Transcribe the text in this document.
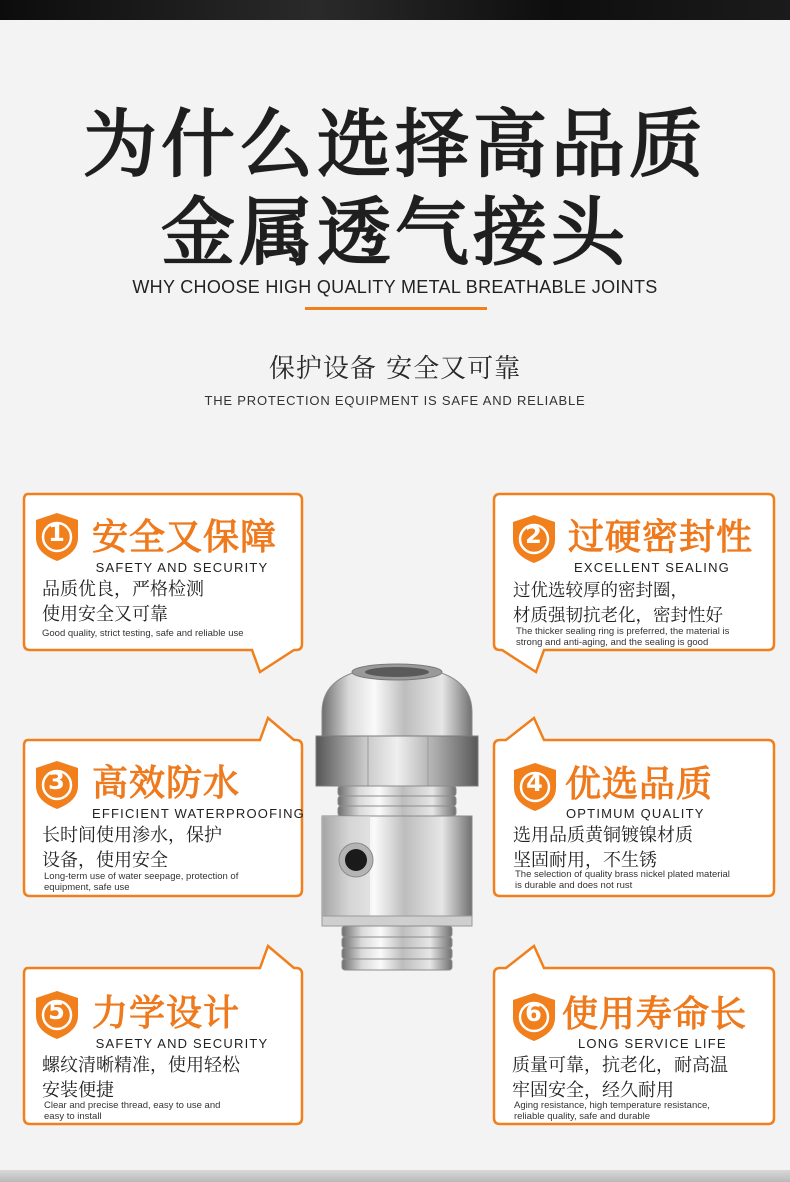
为什么选择高品质
金属透气接头
WHY CHOOSE HIGH QUALITY METAL BREATHABLE JOINTS
保护设备 安全又可靠
THE PROTECTION EQUIPMENT IS SAFE AND RELIABLE
1 安全又保障
SAFETY AND SECURITY
品质优良，严格检测
使用安全又可靠
Good quality, strict testing, safe and reliable use
2 过硬密封性
EXCELLENT SEALING
过优选较厚的密封圈，
材质强韧抗老化，密封性好
The thicker sealing ring is preferred, the material is
strong and anti-aging, and the sealing is good
3 高效防水
EFFICIENT WATERPROOFING
长时间使用渗水，保护
设备，使用安全
Long-term use of water seepage, protection of
equipment, safe use
4 优选品质
OPTIMUM QUALITY
选用品质黄铜镀镍材质
坚固耐用，不生锈
The selection of quality brass nickel plated material
is durable and does not rust
5 力学设计
SAFETY AND SECURITY
螺纹清晰精准，使用轻松
安装便捷
Clear and precise thread, easy to use and
easy to install
6 使用寿命长
LONG SERVICE LIFE
质量可靠，抗老化，耐高温
牢固安全，经久耐用
Aging resistance, high temperature resistance,
reliable quality, safe and durable
